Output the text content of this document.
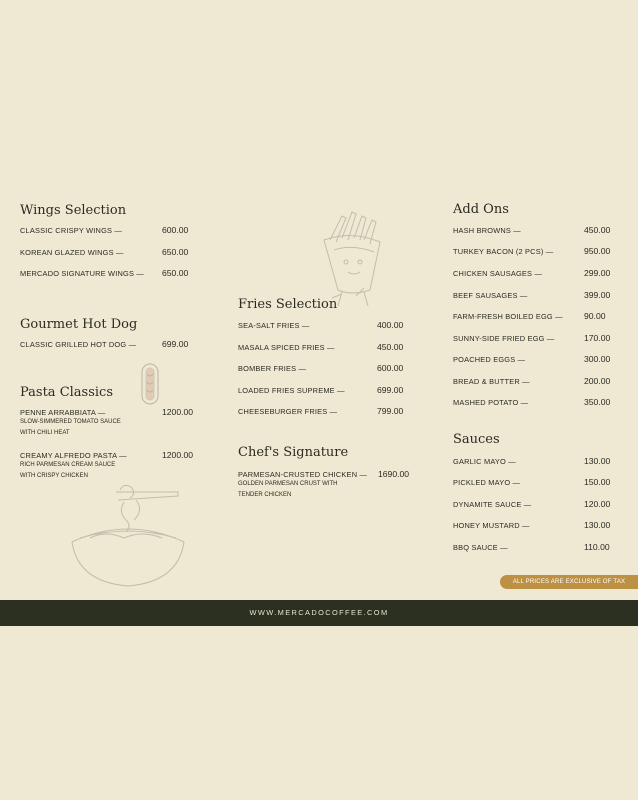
Wings Selection
CLASSIC CRISPY WINGS —	600.00
KOREAN GLAZED WINGS —	650.00
MERCADO SIGNATURE WINGS — 650.00
Gourmet Hot Dog
CLASSIC GRILLED HOT DOG —	699.00
Pasta Classics
PENNE ARRABBIATA —	1200.00
SLOW-SIMMERED TOMATO SAUCE
WITH CHILI HEAT
CREAMY ALFREDO PASTA —	1200.00
RICH PARMESAN CREAM SAUCE
WITH CRISPY CHICKEN
Fries Selection
SEA-SALT FRIES —	400.00
MASALA SPICED FRIES —	450.00
BOMBER FRIES —	600.00
LOADED FRIES SUPREME —	699.00
CHEESEBURGER FRIES —	799.00
Chef's Signature
PARMESAN-CRUSTED CHICKEN — 1690.00
GOLDEN PARMESAN CRUST WITH
TENDER CHICKEN
Add Ons
HASH BROWNS —	450.00
TURKEY BACON (2 PCS) —	950.00
CHICKEN SAUSAGES —	299.00
BEEF SAUSAGES —	399.00
FARM-FRESH BOILED EGG — 90.00
SUNNY-SIDE FRIED EGG —	170.00
POACHED EGGS —	300.00
BREAD & BUTTER —	200.00
MASHED POTATO —	350.00
Sauces
GARLIC MAYO —	130.00
PICKLED MAYO —	150.00
DYNAMITE SAUCE —	120.00
HONEY MUSTARD —	130.00
BBQ SAUCE —	110.00
ALL PRICES ARE EXCLUSIVE OF TAX
WWW.MERCADOCOFFEE.COM
